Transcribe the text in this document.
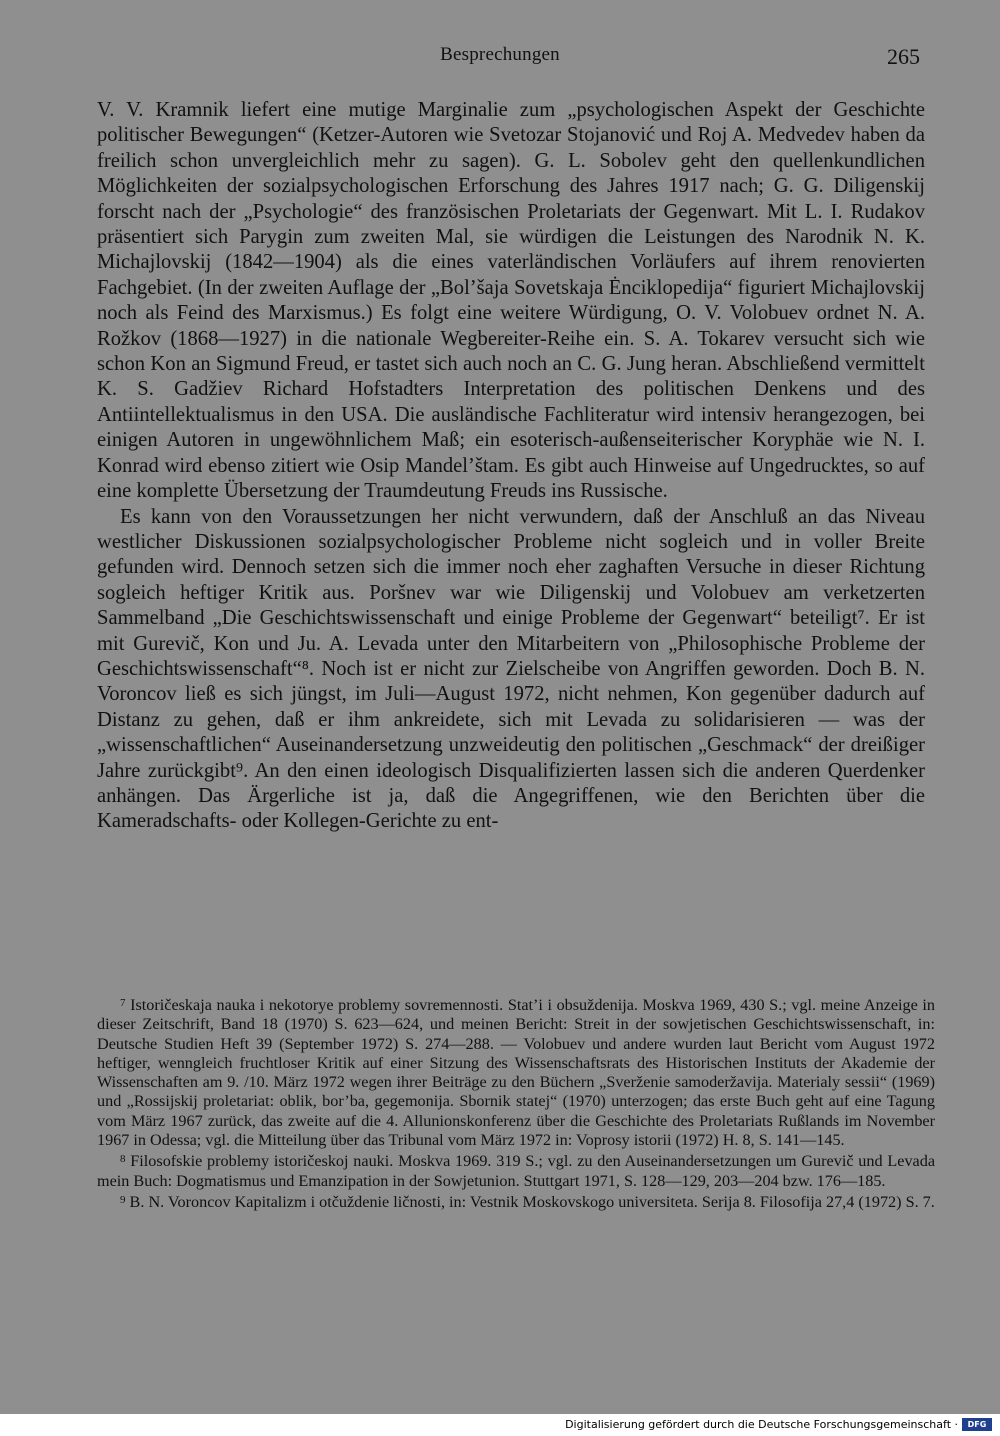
Besprechungen	265

V. V. Kramnik liefert eine mutige Marginalie zum „psychologischen Aspekt der Geschichte politischer Bewegungen“ (Ketzer-Autoren wie Svetozar Stojanović und Roj A. Medvedev haben da freilich schon unvergleichlich mehr zu sagen). G. L. Sobolev geht den quellenkundlichen Möglichkeiten der sozialpsychologischen Erforschung des Jahres 1917 nach; G. G. Diligenskij forscht nach der „Psychologie“ des französischen Proletariats der Gegenwart. Mit L. I. Rudakov präsentiert sich Parygin zum zweiten Mal, sie würdigen die Leistungen des Narodnik N. K. Michajlovskij (1842—1904) als die eines vaterländischen Vorläufers auf ihrem renovierten Fachgebiet. (In der zweiten Auflage der „Bol’šaja Sovetskaja Ėnciklopedija“ figuriert Michajlovskij noch als Feind des Marxismus.) Es folgt eine weitere Würdigung, O. V. Volobuev ordnet N. A. Rožkov (1868—1927) in die nationale Wegbereiter-Reihe ein. S. A. Tokarev versucht sich wie schon Kon an Sigmund Freud, er tastet sich auch noch an C. G. Jung heran. Abschließend vermittelt K. S. Gadžiev Richard Hofstadters Interpretation des politischen Denkens und des Antiintellektualismus in den USA. Die ausländische Fachliteratur wird intensiv herangezogen, bei einigen Autoren in ungewöhnlichem Maß; ein esoterisch-außenseiterischer Koryphäe wie N. I. Konrad wird ebenso zitiert wie Osip Mandel’štam. Es gibt auch Hinweise auf Ungedrucktes, so auf eine komplette Übersetzung der Traumdeutung Freuds ins Russische.

Es kann von den Voraussetzungen her nicht verwundern, daß der Anschluß an das Niveau westlicher Diskussionen sozialpsychologischer Probleme nicht sogleich und in voller Breite gefunden wird. Dennoch setzen sich die immer noch eher zaghaften Versuche in dieser Richtung sogleich heftiger Kritik aus. Poršnev war wie Diligenskij und Volobuev am verketzerten Sammelband „Die Geschichtswissenschaft und einige Probleme der Gegenwart“ beteiligt⁷. Er ist mit Gurevič, Kon und Ju. A. Levada unter den Mitarbeitern von „Philosophische Probleme der Geschichtswissenschaft“⁸. Noch ist er nicht zur Zielscheibe von Angriffen geworden. Doch B. N. Voroncov ließ es sich jüngst, im Juli—August 1972, nicht nehmen, Kon gegenüber dadurch auf Distanz zu gehen, daß er ihm ankreidete, sich mit Levada zu solidarisieren — was der „wissenschaftlichen“ Auseinandersetzung unzweideutig den politischen „Geschmack“ der dreißiger Jahre zurückgibt⁹. An den einen ideologisch Disqualifizierten lassen sich die anderen Querdenker anhängen. Das Ärgerliche ist ja, daß die Angegriffenen, wie den Berichten über die Kameradschafts- oder Kollegen-Gerichte zu ent-

$^7$ Istoričeskaja nauka i nekotorye problemy sovremennosti. Stat’i i obsuždenija. Moskva 1969, 430 S.; vgl. meine Anzeige in dieser Zeitschrift, Band 18 (1970) S. 623—624, und meinen Bericht: Streit in der sowjetischen Geschichtswissenschaft, in: Deutsche Studien Heft 39 (September 1972) S. 274—288. — Volobuev und andere wurden laut Bericht vom August 1972 heftiger, wenngleich fruchtloser Kritik auf einer Sitzung des Wissenschaftsrats des Historischen Instituts der Akademie der Wissenschaften am 9. /10. März 1972 wegen ihrer Beiträge zu den Büchern „Sverženie samoderžavija. Materialy sessii“ (1969) und „Rossijskij proletariat: oblik, bor’ba, gegemonija. Sbornik statej“ (1970) unterzogen; das erste Buch geht auf eine Tagung vom März 1967 zurück, das zweite auf die 4. Allunionskonferenz über die Geschichte des Proletariats Rußlands im November 1967 in Odessa; vgl. die Mitteilung über das Tribunal vom März 1972 in: Voprosy istorii (1972) H. 8, S. 141—145.

$^8$ Filosofskie problemy istoričeskoj nauki. Moskva 1969. 319 S.; vgl. zu den Auseinandersetzungen um Gurevič und Levada mein Buch: Dogmatismus und Emanzipation in der Sowjetunion. Stuttgart 1971, S. 128—129, 203—204 bzw. 176—185.

$^9$ B. N. Voroncov Kapitalizm i otčuždenie ličnosti, in: Vestnik Moskovskogo universiteta. Serija 8. Filosofija 27,4 (1972) S. 7.

Digitalisierung gefördert durch die Deutsche Forschungsgemeinschaft ·	DFG
